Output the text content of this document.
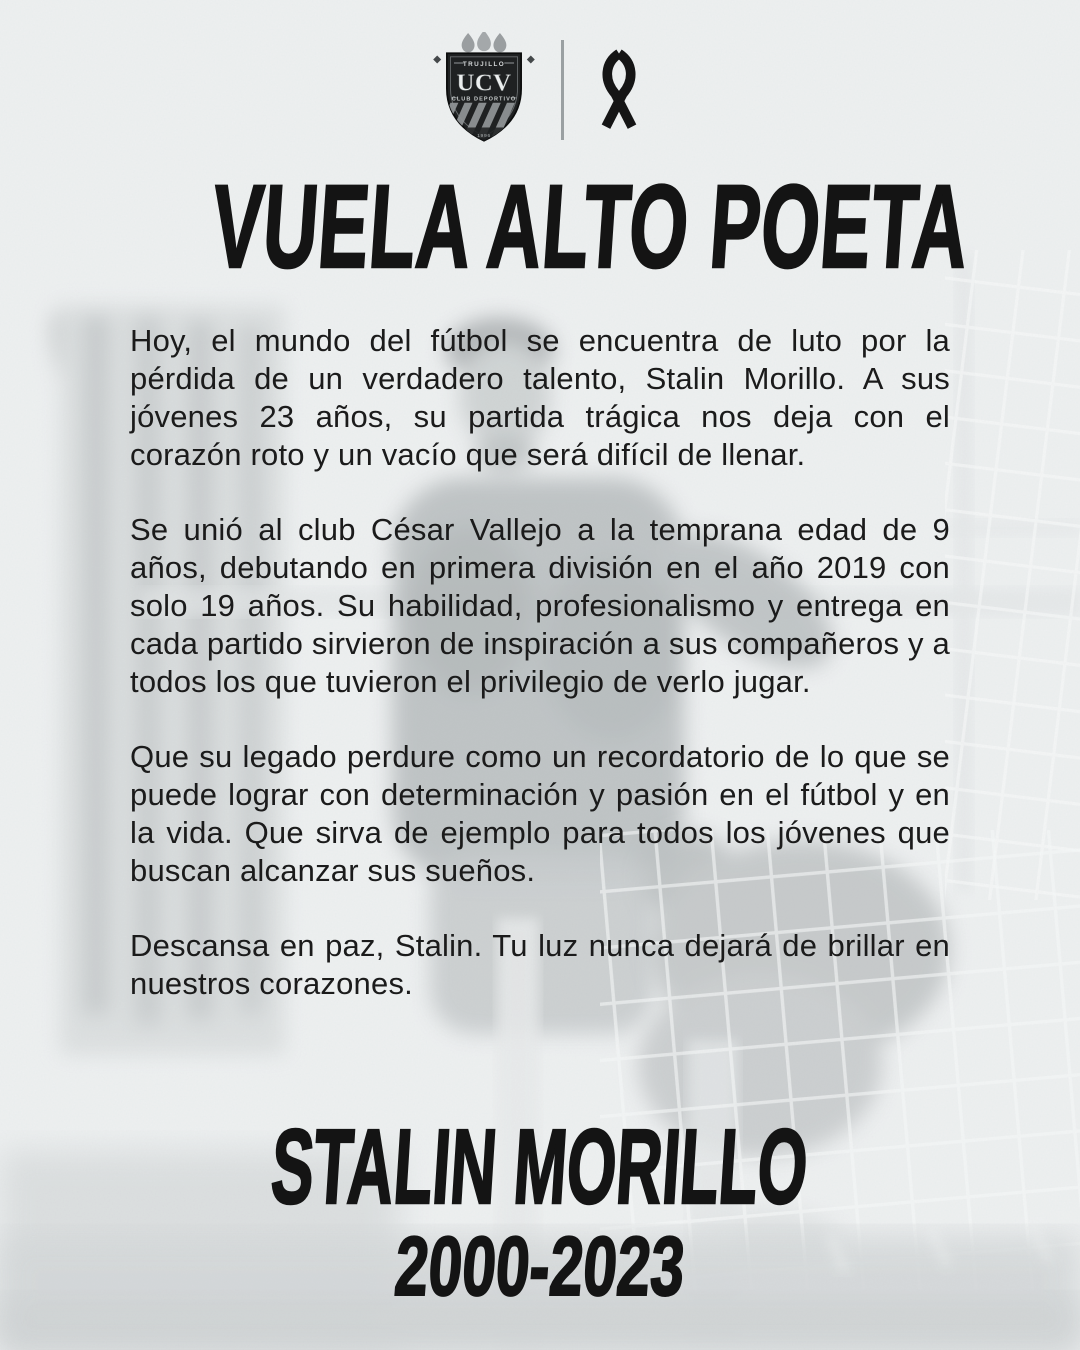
TRUJILLO
UCV
CLUB DEPORTIVO
1996
VUELA ALTO POETA

Hoy, el mundo del fútbol se encuentra de luto por la pérdida de un verdadero talento, Stalin Morillo. A sus jóvenes 23 años, su partida trágica nos deja con el corazón roto y un vacío que será difícil de llenar.

Se unió al club César Vallejo a la temprana edad de 9 años, debutando en primera división en el año 2019 con solo 19 años. Su habilidad, profesionalismo y entrega en cada partido sirvieron de inspiración a sus compañeros y a todos los que tuvieron el privilegio de verlo jugar.

Que su legado perdure como un recordatorio de lo que se puede lograr con determinación y pasión en el fútbol y en la vida. Que sirva de ejemplo para todos los jóvenes que buscan alcanzar sus sueños.

Descansa en paz, Stalin. Tu luz nunca dejará de brillar en nuestros corazones.

STALIN MORILLO
2000-2023
